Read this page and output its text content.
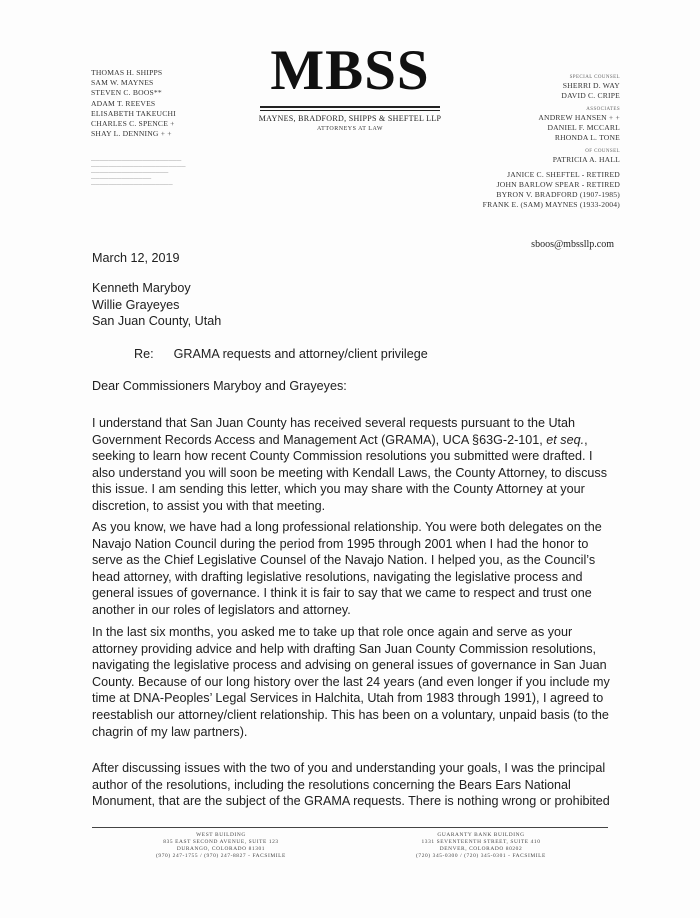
THOMAS H. SHIPPS
SAM W. MAYNES
STEVEN C. BOOS**
ADAM T. REEVES
ELISABETH TAKEUCHI
CHARLES C. SPENCE +
SHAY L. DENNING + +
—————————————————————
——————————————————————
——————————————————
——————————————
———————————————————
MBSS
MAYNES, BRADFORD, SHIPPS & SHEFTEL LLP
ATTORNEYS AT LAW
SPECIAL COUNSEL
SHERRI D. WAY
DAVID C. CRIPE
ASSOCIATES
ANDREW HANSEN + +
DANIEL F. MCCARL
RHONDA L. TONE
OF COUNSEL
PATRICIA A. HALL
JANICE C. SHEFTEL - RETIRED
JOHN BARLOW SPEAR - RETIRED
BYRON V. BRADFORD (1907-1985)
FRANK E. (SAM) MAYNES (1933-2004)
sboos@mbssllp.com

March 12, 2019

Kenneth Maryboy
Willie Grayeyes
San Juan County, Utah

Re: GRAMA requests and attorney/client privilege

Dear Commissioners Maryboy and Grayeyes:

I understand that San Juan County has received several requests pursuant to the Utah Government Records Access and Management Act (GRAMA), UCA §63G-2-101, et seq., seeking to learn how recent County Commission resolutions you submitted were drafted. I also understand you will soon be meeting with Kendall Laws, the County Attorney, to discuss this issue. I am sending this letter, which you may share with the County Attorney at your discretion, to assist you with that meeting.

As you know, we have had a long professional relationship. You were both delegates on the Navajo Nation Council during the period from 1995 through 2001 when I had the honor to serve as the Chief Legislative Counsel of the Navajo Nation. I helped you, as the Council’s head attorney, with drafting legislative resolutions, navigating the legislative process and general issues of governance. I think it is fair to say that we came to respect and trust one another in our roles of legislators and attorney.

In the last six months, you asked me to take up that role once again and serve as your attorney providing advice and help with drafting San Juan County Commission resolutions, navigating the legislative process and advising on general issues of governance in San Juan County. Because of our long history over the last 24 years (and even longer if you include my time at DNA-Peoples’ Legal Services in Halchita, Utah from 1983 through 1991), I agreed to reestablish our attorney/client relationship. This has been on a voluntary, unpaid basis (to the chagrin of my law partners).

After discussing issues with the two of you and understanding your goals, I was the principal author of the resolutions, including the resolutions concerning the Bears Ears National Monument, that are the subject of the GRAMA requests. There is nothing wrong or prohibited

WEST BUILDING
835 EAST SECOND AVENUE, SUITE 123
DURANGO, COLORADO 81301
(970) 247-1755 / (970) 247-8827 - FACSIMILE
GUARANTY BANK BUILDING
1331 SEVENTEENTH STREET, SUITE 410
DENVER, COLORADO 80202
(720) 345-0300 / (720) 345-0301 - FACSIMILE
